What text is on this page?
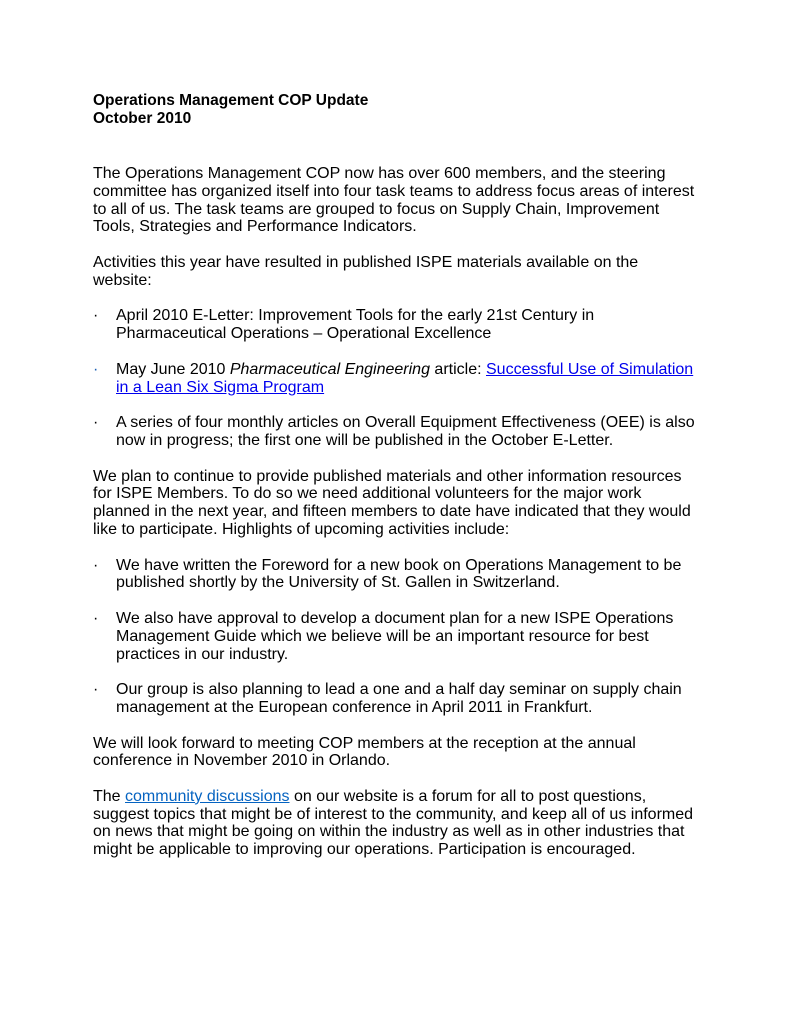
Operations Management COP Update
October 2010

The Operations Management COP now has over 600 members, and the steering committee has organized itself into four task teams to address focus areas of interest to all of us. The task teams are grouped to focus on Supply Chain, Improvement Tools, Strategies and Performance Indicators.

Activities this year have resulted in published ISPE materials available on the website:

·	April 2010 E-Letter: Improvement Tools for the early 21st Century in Pharmaceutical Operations – Operational Excellence
·	May June 2010 Pharmaceutical Engineering article: Successful Use of Simulation in a Lean Six Sigma Program
·	A series of four monthly articles on Overall Equipment Effectiveness (OEE) is also now in progress; the first one will be published in the October E-Letter.

We plan to continue to provide published materials and other information resources for ISPE Members. To do so we need additional volunteers for the major work planned in the next year, and fifteen members to date have indicated that they would like to participate. Highlights of upcoming activities include:

·	We have written the Foreword for a new book on Operations Management to be published shortly by the University of St. Gallen in Switzerland.
·	We also have approval to develop a document plan for a new ISPE Operations Management Guide which we believe will be an important resource for best practices in our industry.
·	Our group is also planning to lead a one and a half day seminar on supply chain management at the European conference in April 2011 in Frankfurt.

We will look forward to meeting COP members at the reception at the annual conference in November 2010 in Orlando.

The community discussions on our website is a forum for all to post questions, suggest topics that might be of interest to the community, and keep all of us informed on news that might be going on within the industry as well as in other industries that might be applicable to improving our operations. Participation is encouraged.
